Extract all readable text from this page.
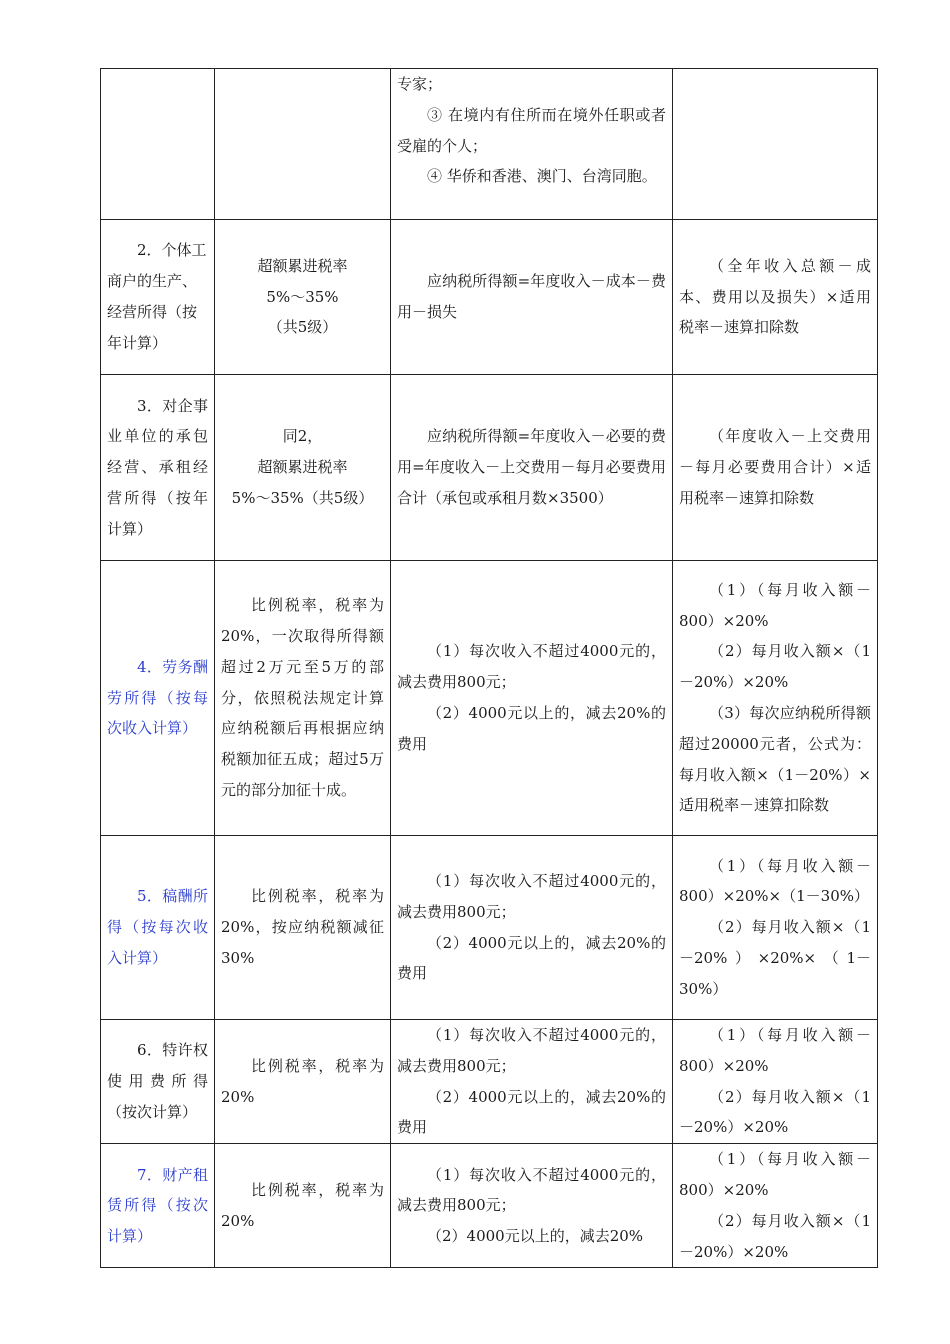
		专家；
③ 在境内有住所而在境外任职或者受雇的个人；
④ 华侨和香港、澳门、台湾同胞。	

2．个体工商户的生产、经营所得（按年计算）	超额累进税率
5%～35%
（共5级）	应纳税所得额=年度收入－成本－费用－损失	（全年收入总额－成本、费用以及损失）×适用税率－速算扣除数

3．对企事业单位的承包经营、承租经营所得（按年计算）	同2，
超额累进税率
5%～35%（共5级）	应纳税所得额=年度收入－必要的费用=年度收入－上交费用－每月必要费用合计（承包或承租月数×3500）	（年度收入－上交费用－每月必要费用合计）×适用税率－速算扣除数

4．劳务酬劳所得（按每次收入计算）	比例税率，税率为20%，一次取得所得额超过2万元至5万的部分，依照税法规定计算应纳税额后再根据应纳税额加征五成；超过5万元的部分加征十成。	（1）每次收入不超过4000元的，减去费用800元；
（2）4000元以上的，减去20%的费用	（1）（每月收入额－800）×20%
（2）每月收入额×（1－20%）×20%
（3）每次应纳税所得额超过20000元者，公式为：每月收入额×（1－20%）×适用税率－速算扣除数

5．稿酬所得（按每次收入计算）	比例税率，税率为20%，按应纳税额减征30%	（1）每次收入不超过4000元的，减去费用800元；
（2）4000元以上的，减去20%的费用	（1）（每月收入额－800）×20%×（1－30%）
（2）每月收入额×（1－20%）×20%×（1－30%）

6．特许权使用费所得（按次计算）	比例税率，税率为20%	（1）每次收入不超过4000元的，减去费用800元；
（2）4000元以上的，减去20%的费用	（1）（每月收入额－800）×20%
（2）每月收入额×（1－20%）×20%

7．财产租赁所得（按次计算）	比例税率，税率为20%	（1）每次收入不超过4000元的，减去费用800元；
（2）4000元以上的，减去20%	（1）（每月收入额－800）×20%
（2）每月收入额×（1－20%）×20%
